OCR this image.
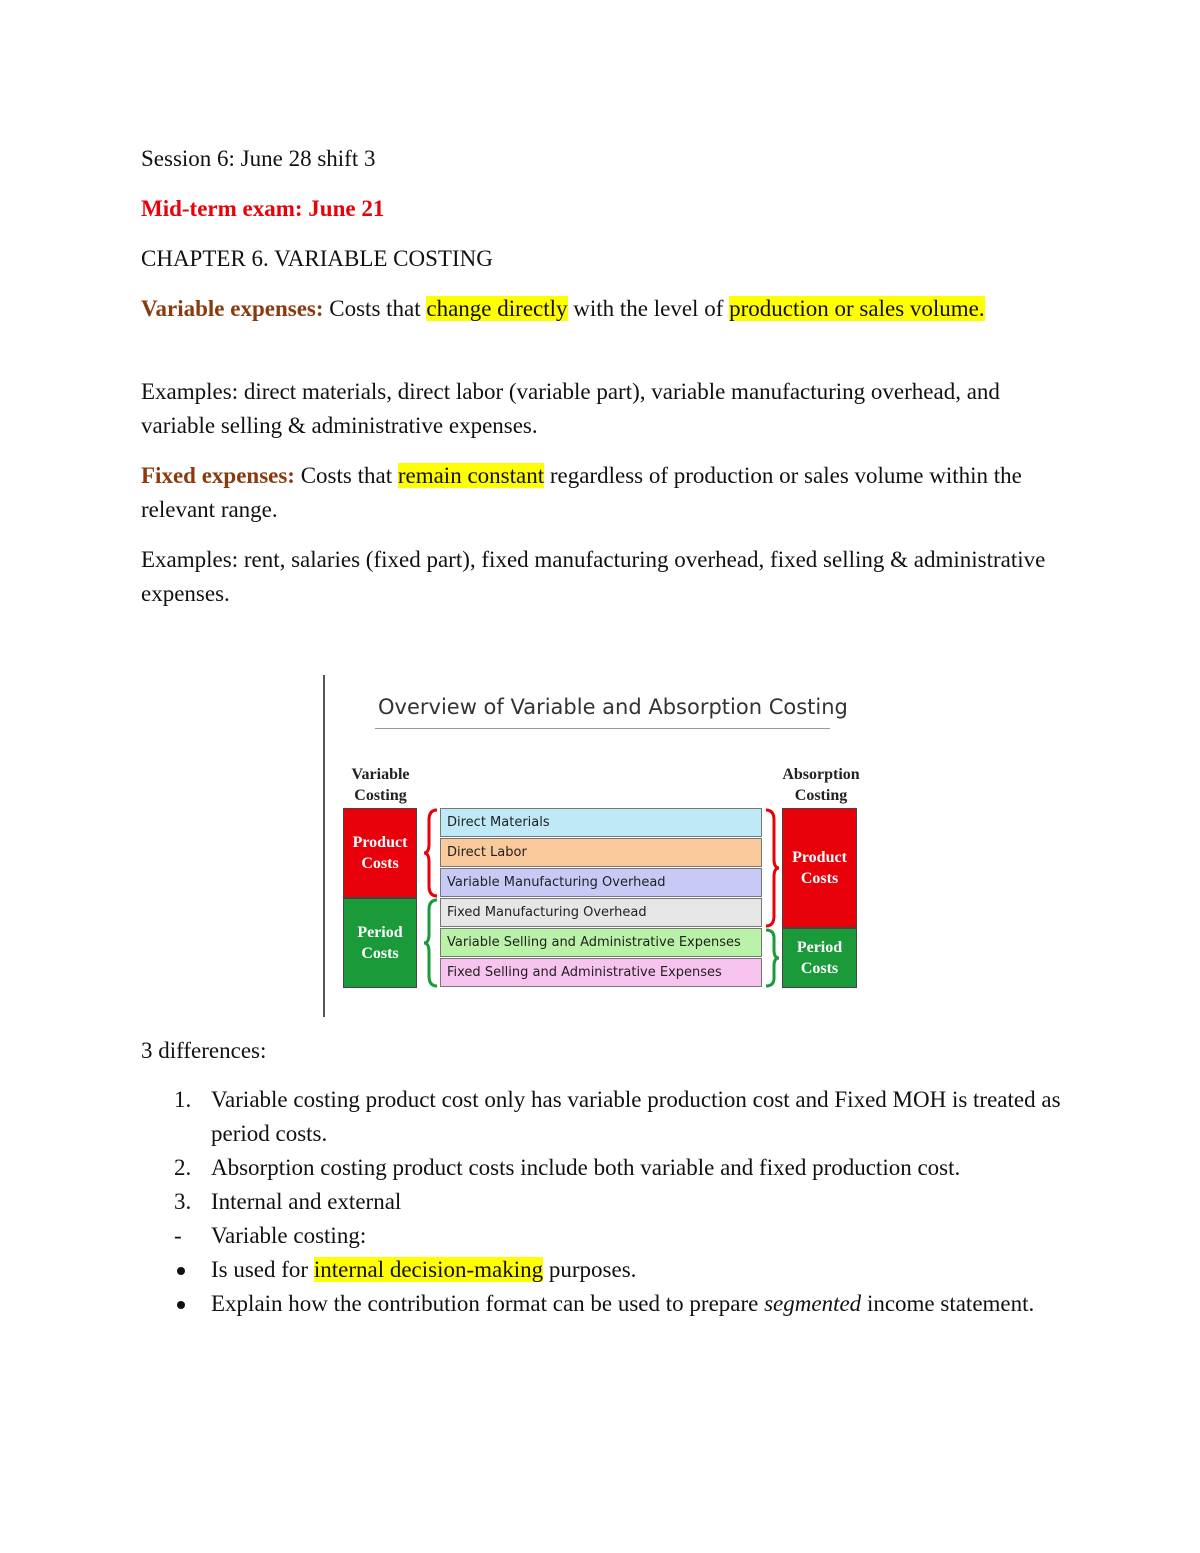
Session 6: June 28 shift 3

Mid-term exam: June 21

CHAPTER 6. VARIABLE COSTING

Variable expenses: Costs that change directly with the level of production or sales volume.

Examples: direct materials, direct labor (variable part), variable manufacturing overhead, and variable selling & administrative expenses.

Fixed expenses: Costs that remain constant regardless of production or sales volume within the relevant range.

Examples: rent, salaries (fixed part), fixed manufacturing overhead, fixed selling & administrative expenses.

Overview of Variable and Absorption Costing
Variable
Costing
Absorption
Costing
Product
Costs
Period
Costs
Product
Costs
Period
Costs
Direct Materials
Direct Labor
Variable Manufacturing Overhead
Fixed Manufacturing Overhead
Variable Selling and Administrative Expenses
Fixed Selling and Administrative Expenses

3 differences:

1. Variable costing product cost only has variable production cost and Fixed MOH is treated as period costs.
2. Absorption costing product costs include both variable and fixed production cost.
3. Internal and external
-	Variable costing:
Is used for internal decision-making purposes.
Explain how the contribution format can be used to prepare segmented income statement.
